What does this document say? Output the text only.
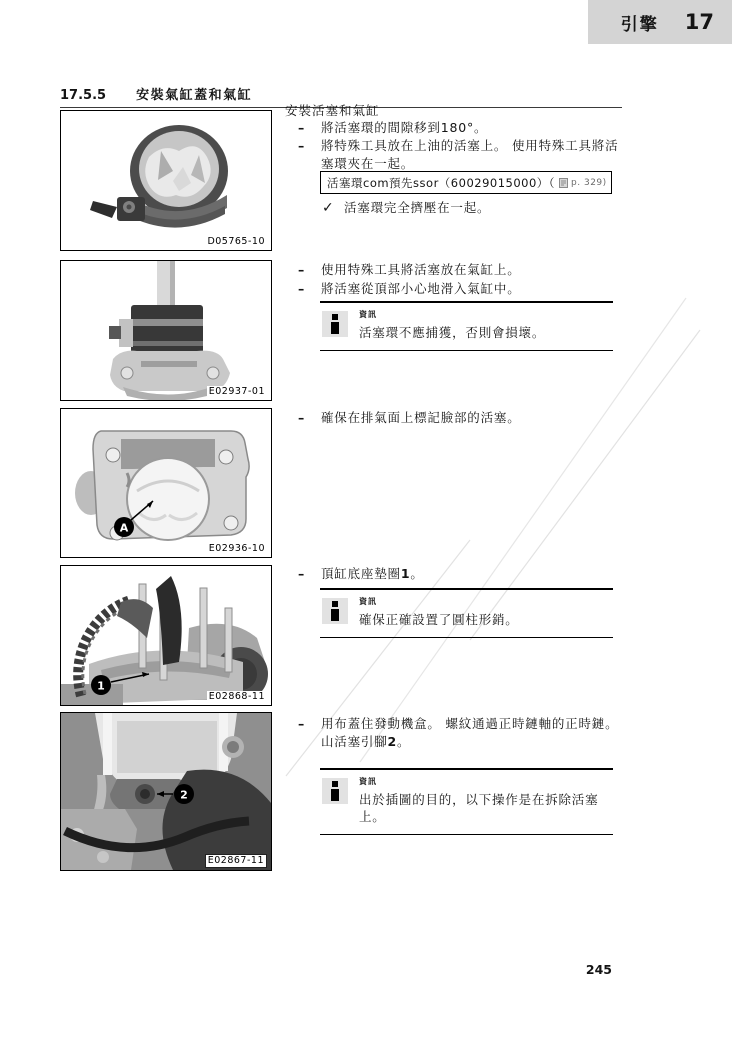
引擎 17
17.5.5 安裝氣缸蓋和氣缸
D05765-10
E02937-01
A
E02936-10
1
E02868-11
2
E02867-11
安裝活塞和氣缸
–	將活塞環的間隙移到180°。
–	將特殊工具放在上油的活塞上。 使用特殊工具將活塞環夾在一起。
活塞環com預先ssor（60029015000）（ p. 329)
✓ 活塞環完全擠壓在一起。
–	使用特殊工具將活塞放在氣缸上。
–	將活塞從頂部小心地滑入氣缸中。
資訊
活塞環不應捕獲，否則會損壞。
–	確保在排氣面上標記臉部的活塞。
–	頂缸底座墊圈1。
資訊
確保正確設置了圓柱形銷。
–	用布蓋住發動機盒。 螺紋通過正時鏈軸的正時鏈。 山活塞引腳2。
資訊
出於插圖的目的，以下操作是在拆除活塞上。
245
